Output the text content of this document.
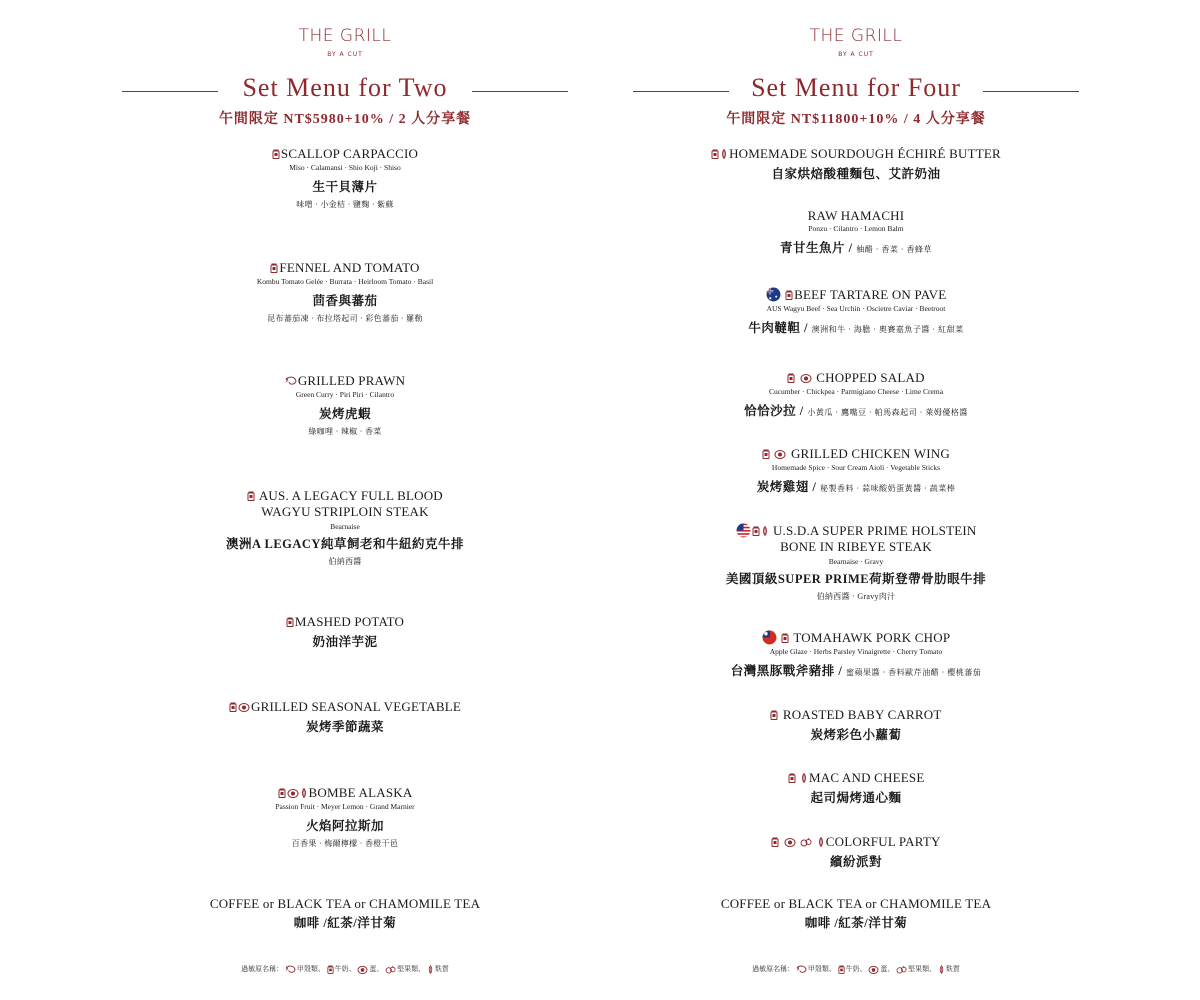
THE GRILL
BY A CUT
Set Menu for Two
午間限定 NT$5980+10% / 2 人分享餐
SCALLOP CARPACCIO
Miso · Calamansi · Shio Koji · Shiso
生干貝薄片
味噌 · 小金桔 · 鹽麴 · 紫蘇
FENNEL AND TOMATO
Kombu Tomato Gelée · Burrata · Heirloom Tomato · Basil
茴香與蕃茄
昆布蕃茄凍 · 布拉塔起司 · 彩色蕃茄 · 羅勒
GRILLED PRAWN
Green Curry · Piri Piri · Cilantro
炭烤虎蝦
綠咖哩 · 辣椒 · 香菜
AUS. A LEGACY FULL BLOOD
WAGYU STRIPLOIN STEAK
Bearnaise
澳洲A LEGACY純草飼老和牛紐約克牛排
伯納西醬
MASHED POTATO
奶油洋芋泥
GRILLED SEASONAL VEGETABLE
炭烤季節蔬菜
BOMBE ALASKA
Passion Fruit · Meyer Lemon · Grand Marnier
火焰阿拉斯加
百香果 · 梅爾檸檬 · 香橙干邑
COFFEE or BLACK TEA or CHAMOMILE TEA
咖啡 /紅茶/洋甘菊
過敏原名稱： 甲殼類、 牛奶、 蛋、 堅果類、 麩質
THE GRILL
BY A CUT
Set Menu for Four
午間限定 NT$11800+10% / 4 人分享餐
HOMEMADE SOURDOUGH ÉCHIRÉ BUTTER
自家烘焙酸種麵包、艾許奶油
RAW HAMACHI
Ponzu · Cilantro · Lemon Balm
青甘生魚片 / 柚醋 · 香菜 · 香蜂草
BEEF TARTARE ON PAVE
AUS Wagyu Beef · Sea Urchin · Oscietre Caviar · Beetroot
牛肉韃靼 / 澳洲和牛 · 海膽 · 奧賽嘉魚子醬 · 紅甜菜
CHOPPED SALAD
Cucumber · Chickpea · Parmigiano Cheese · Lime Crema
恰恰沙拉 / 小黃瓜 · 鷹嘴豆 · 帕馬森起司 · 萊姆優格醬
GRILLED CHICKEN WING
Homemade Spice · Sour Cream Aioli · Vegetable Sticks
炭烤雞翅 / 秘製香料 · 蒜味酸奶蛋黃醬 · 蔬菜棒
U.S.D.A SUPER PRIME HOLSTEIN
BONE IN RIBEYE STEAK
Bearnaise · Gravy
美國頂級SUPER PRIME荷斯登帶骨肋眼牛排
伯納西醬 · Gravy肉汁
TOMAHAWK PORK CHOP
Apple Glaze · Herbs Parsley Vinaigrette · Cherry Tomato
台灣黑豚戰斧豬排 / 蜜蘋果醬 · 香料歐芹油醋 · 櫻桃蕃茄
ROASTED BABY CARROT
炭烤彩色小蘿蔔
MAC AND CHEESE
起司焗烤通心麵
COLORFUL PARTY
繽紛派對
COFFEE or BLACK TEA or CHAMOMILE TEA
咖啡 /紅茶/洋甘菊
過敏原名稱： 甲殼類、 牛奶、 蛋、 堅果類、 麩質
